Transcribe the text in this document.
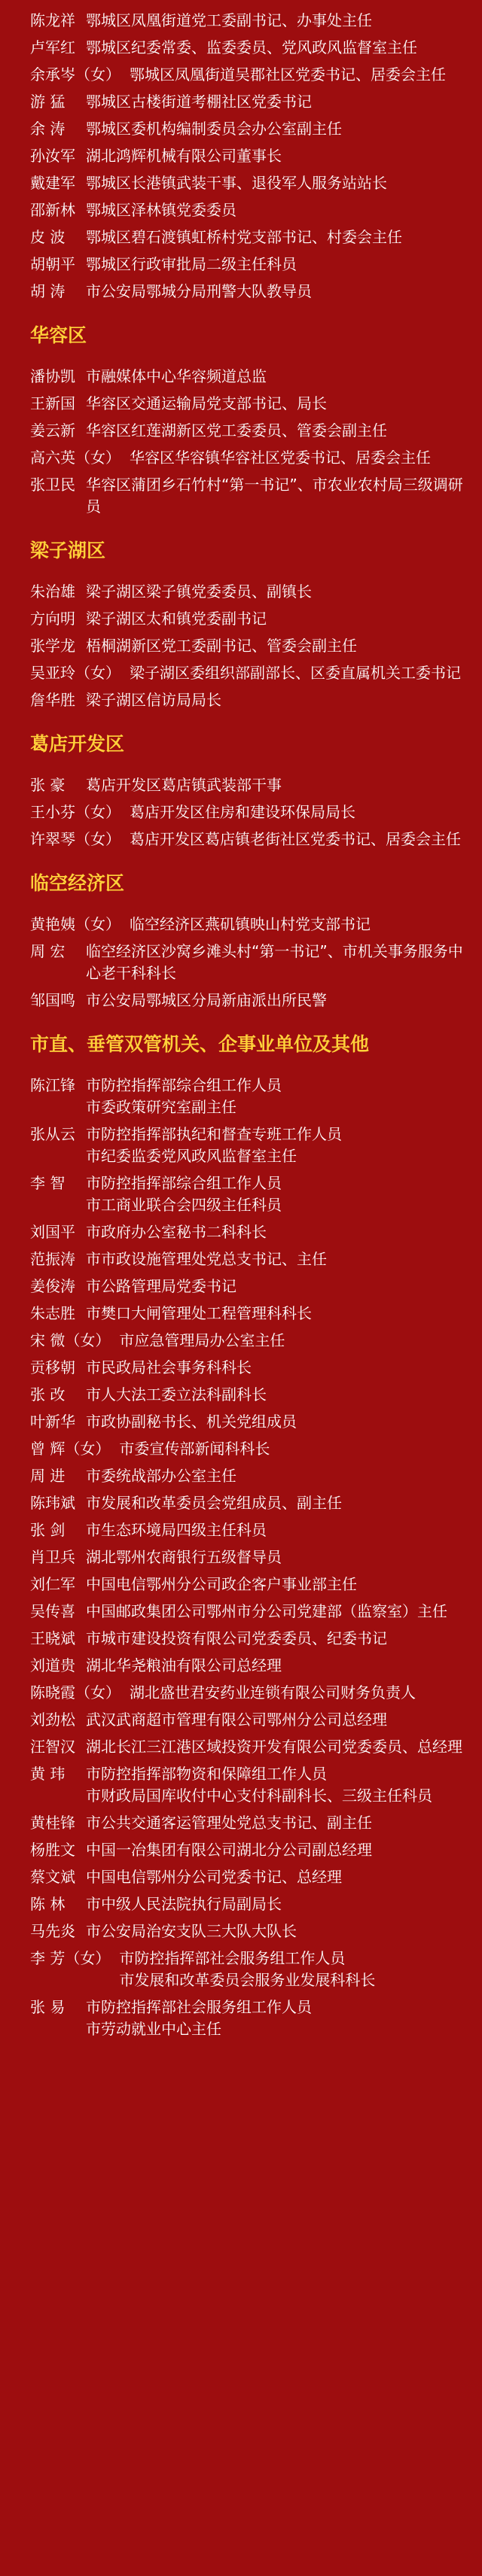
陈龙祥 鄂城区凤凰街道党工委副书记、办事处主任
卢军红 鄂城区纪委常委、监委委员、党风政风监督室主任
余承岑（女） 鄂城区凤凰街道吴郡社区党委书记、居委会主任
游 猛	鄂城区古楼街道考棚社区党委书记
余 涛	鄂城区委机构编制委员会办公室副主任
孙汝军 湖北鸿辉机械有限公司董事长
戴建军 鄂城区长港镇武装干事、退役军人服务站站长
邵新林 鄂城区泽林镇党委委员
皮 波	鄂城区碧石渡镇虹桥村党支部书记、村委会主任
胡朝平 鄂城区行政审批局二级主任科员
胡 涛	市公安局鄂城分局刑警大队教导员
华容区
潘协凯 市融媒体中心华容频道总监
王新国 华容区交通运输局党支部书记、局长
姜云新 华容区红莲湖新区党工委委员、管委会副主任
高六英（女） 华容区华容镇华容社区党委书记、居委会主任
张卫民 华容区蒲团乡石竹村“第一书记”、市农业农村局三级调研员
梁子湖区
朱治雄 梁子湖区梁子镇党委委员、副镇长
方向明 梁子湖区太和镇党委副书记
张学龙 梧桐湖新区党工委副书记、管委会副主任
吴亚玲（女） 梁子湖区委组织部副部长、区委直属机关工委书记
詹华胜 梁子湖区信访局局长
葛店开发区
张 豪	葛店开发区葛店镇武装部干事
王小芬（女） 葛店开发区住房和建设环保局局长
许翠琴（女） 葛店开发区葛店镇老街社区党委书记、居委会主任
临空经济区
黄艳姨（女） 临空经济区燕矶镇映山村党支部书记
周 宏	临空经济区沙窝乡滩头村“第一书记”、市机关事务服务中心老干科科长
邹国鸣 市公安局鄂城区分局新庙派出所民警
市直、垂管双管机关、企事业单位及其他
陈江锋 市防控指挥部综合组工作人员
市委政策研究室副主任
张从云 市防控指挥部执纪和督查专班工作人员
市纪委监委党风政风监督室主任
李 智	市防控指挥部综合组工作人员
市工商业联合会四级主任科员
刘国平 市政府办公室秘书二科科长
范振涛 市市政设施管理处党总支书记、主任
姜俊涛 市公路管理局党委书记
朱志胜 市樊口大闸管理处工程管理科科长
宋 微（女） 市应急管理局办公室主任
贡移朝 市民政局社会事务科科长
张 改	市人大法工委立法科副科长
叶新华 市政协副秘书长、机关党组成员
曾 辉（女） 市委宣传部新闻科科长
周 进	市委统战部办公室主任
陈玮斌 市发展和改革委员会党组成员、副主任
张 剑	市生态环境局四级主任科员
肖卫兵 湖北鄂州农商银行五级督导员
刘仁军 中国电信鄂州分公司政企客户事业部主任
吴传喜 中国邮政集团公司鄂州市分公司党建部（监察室）主任
王晓斌 市城市建设投资有限公司党委委员、纪委书记
刘道贵 湖北华尧粮油有限公司总经理
陈晓霞（女） 湖北盛世君安药业连锁有限公司财务负责人
刘劲松 武汉武商超市管理有限公司鄂州分公司总经理
汪智汉 湖北长江三江港区域投资开发有限公司党委委员、总经理
黄 玮	市防控指挥部物资和保障组工作人员
市财政局国库收付中心支付科副科长、三级主任科员
黄桂锋 市公共交通客运管理处党总支书记、副主任
杨胜文 中国一冶集团有限公司湖北分公司副总经理
蔡文斌 中国电信鄂州分公司党委书记、总经理
陈 林	市中级人民法院执行局副局长
马先炎 市公安局治安支队三大队大队长
李 芳（女） 市防控指挥部社会服务组工作人员
市发展和改革委员会服务业发展科科长
张 易	市防控指挥部社会服务组工作人员
市劳动就业中心主任
